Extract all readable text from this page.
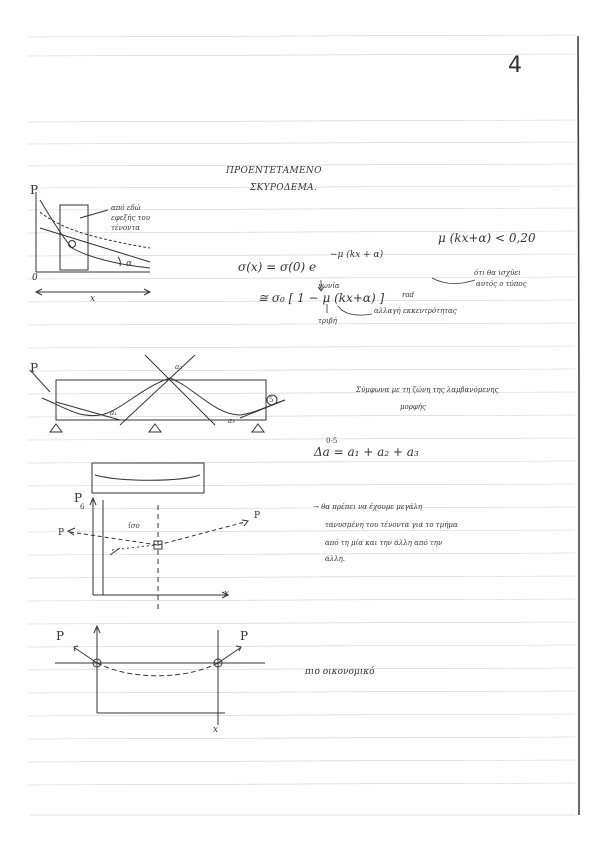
4
ΠΡΟΕΝΤΕΤΑΜΕΝΟ
ΣΚΥΡΟΔΕΜΑ.
P
0
x
α
από εδώ
εφεξής του
τένοντα
σ(x) = σ(0) e
−μ (kx + α)
≅ σ₀ [ 1 − μ (kx+α) ]	rad
γωνία
τριβή
αλλαγή εκκεντρότητας
μ (kx+α) < 0,20
ότι θα ισχύει
αυτός ο τύπος
P
a₁
a₂
a₃
5
Σύμφωνα με τη ζώνη της λαμβανόμενης
μορφής
Δa = a₁ + a₂ + a₃
0-5
P
6
P
P
x
ίσο
→ θα πρέπει να έχουμε μεγάλη
τανυσμένη του τένοντα για το τμήμα
από τη μία και την άλλη από την
άλλη.
P	P
x
πιο οικονομικό
